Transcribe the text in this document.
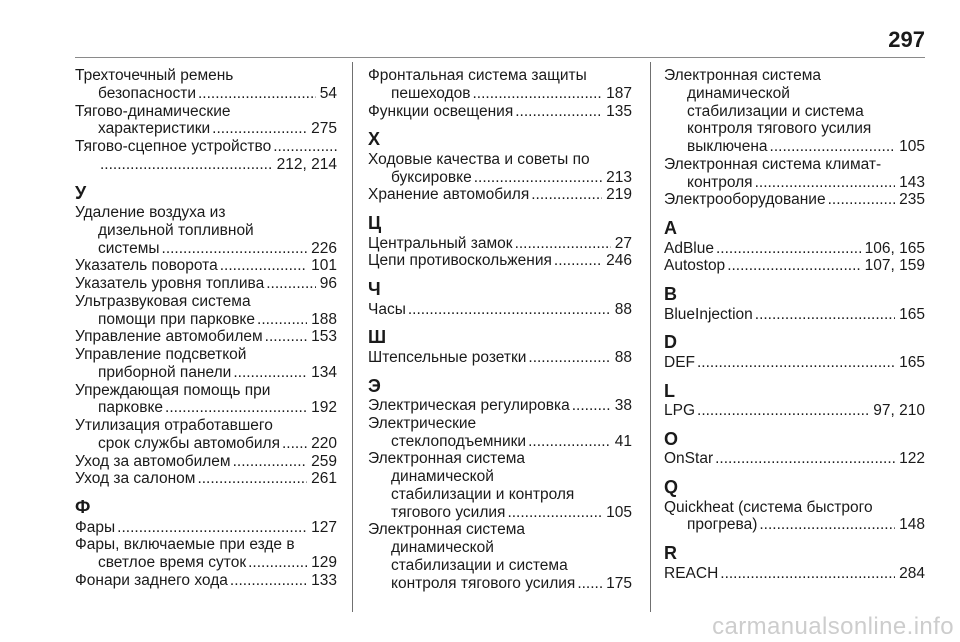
297
Трехточечный ремень
безопасности .....	54
Тягово-динамические
характеристики .....	275
Тягово-сцепное устройство
.....
.....
212, 214
У
Удаление воздуха из
дизельной топливной
системы .....	226
Указатель поворота .....	101
Указатель уровня топлива .....	96
Ультразвуковая система
помощи при парковке .....	188
Управление автомобилем .....	153
Управление подсветкой
приборной панели .....	134
Упреждающая помощь при
парковке .....	192
Утилизация отработавшего
срок службы автомобиля ..... 220
Уход за автомобилем .....	259
Уход за салоном .....	261
Ф
Фары .....	127
Фары, включаемые при езде в
светлое время суток .....	129
Фонари заднего хода .....	133
Фронтальная система защиты
пешеходов .....	187
Функции освещения .....	135
Х
Ходовые качества и советы по
буксировке .....	213
Хранение автомобиля .....	219
Ц
Центральный замок .....	27
Цепи противоскольжения .....	246
Ч
Часы .....	88
Ш
Штепсельные розетки .....	88
Э
Электрическая регулировка .....	38
Электрические
стеклоподъемники .....	41
Электронная система
динамической
стабилизации и контроля
тягового усилия .....	105
Электронная система
динамической
стабилизации и система
контроля тягового усилия ..... 175
Электронная система
динамической
стабилизации и система
контроля тягового усилия
выключена .....	105
Электронная система климат-
контроля .....	143
Электрооборудование .....	235
A
AdBlue .....	106, 165
Autostop .....	107, 159
B
BlueInjection .....	165
D
DEF .....	165
L
LPG .....	97, 210
O
OnStar .....	122
Q
Quickheat (система быстрого
прогрева) .....	148
R
REACH .....	284
carmanualsonline.info
